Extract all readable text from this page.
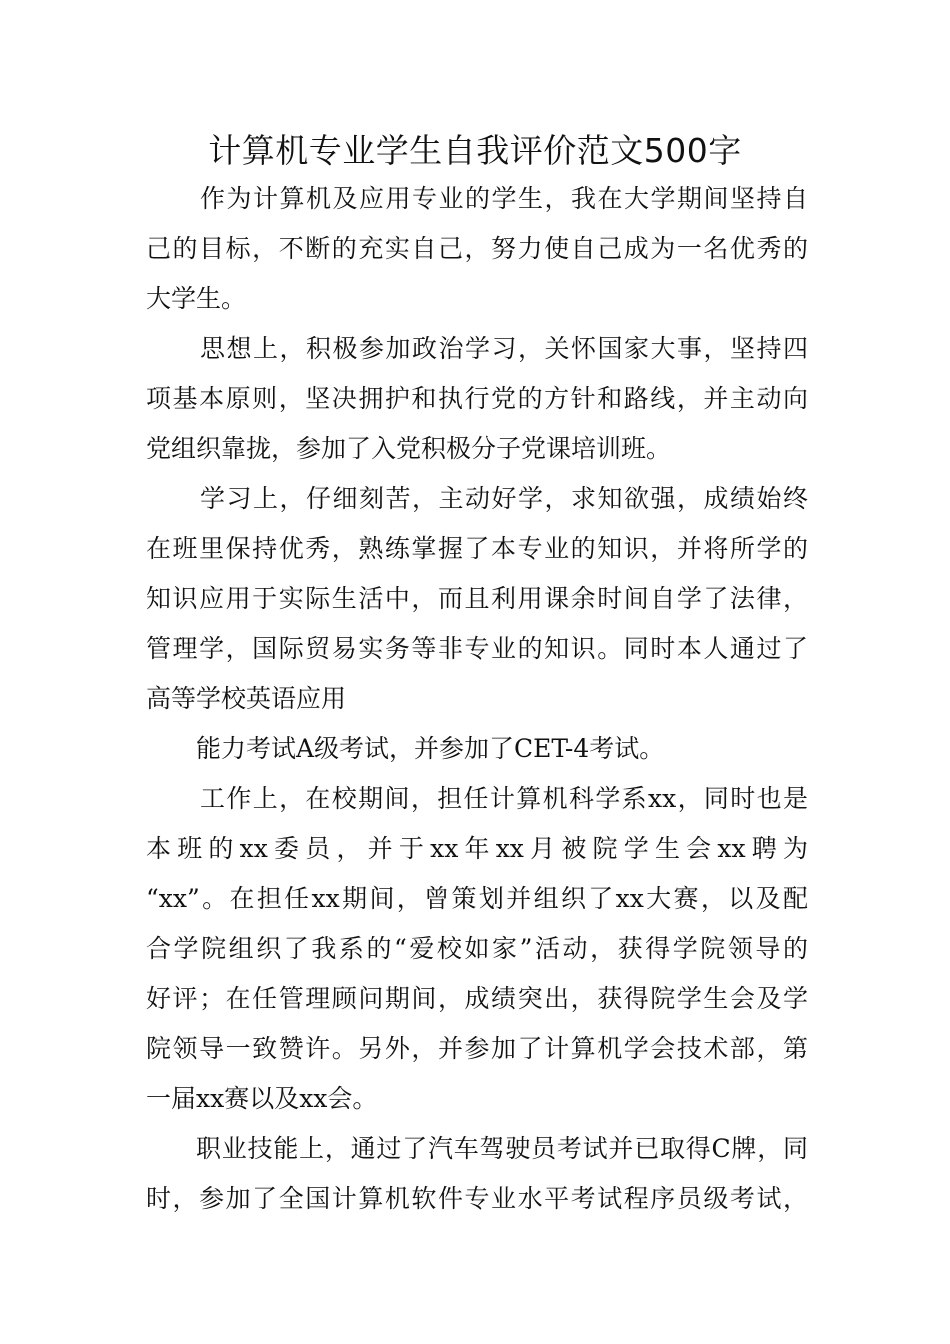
计算机专业学生自我评价范文500字
作为计算机及应用专业的学生，我在大学期间坚持自
己的目标，不断的充实自己，努力使自己成为一名优秀的
大学生。
思想上，积极参加政治学习，关怀国家大事，坚持四
项基本原则，坚决拥护和执行党的方针和路线，并主动向
党组织靠拢，参加了入党积极分子党课培训班。
学习上，仔细刻苦，主动好学，求知欲强，成绩始终
在班里保持优秀，熟练掌握了本专业的知识，并将所学的
知识应用于实际生活中，而且利用课余时间自学了法律，
管理学，国际贸易实务等非专业的知识。同时本人通过了
高等学校英语应用
能力考试A级考试，并参加了CET-4考试。
工作上，在校期间，担任计算机科学系xx，同时也是
本班的xx委员，并于xx年xx月被院学生会xx聘为
“xx”。在担任xx期间，曾策划并组织了xx大赛，以及配
合学院组织了我系的“爱校如家”活动，获得学院领导的
好评；在任管理顾问期间，成绩突出，获得院学生会及学
院领导一致赞许。另外，并参加了计算机学会技术部，第
一届xx赛以及xx会。
职业技能上，通过了汽车驾驶员考试并已取得C牌，同
时，参加了全国计算机软件专业水平考试程序员级考试，
